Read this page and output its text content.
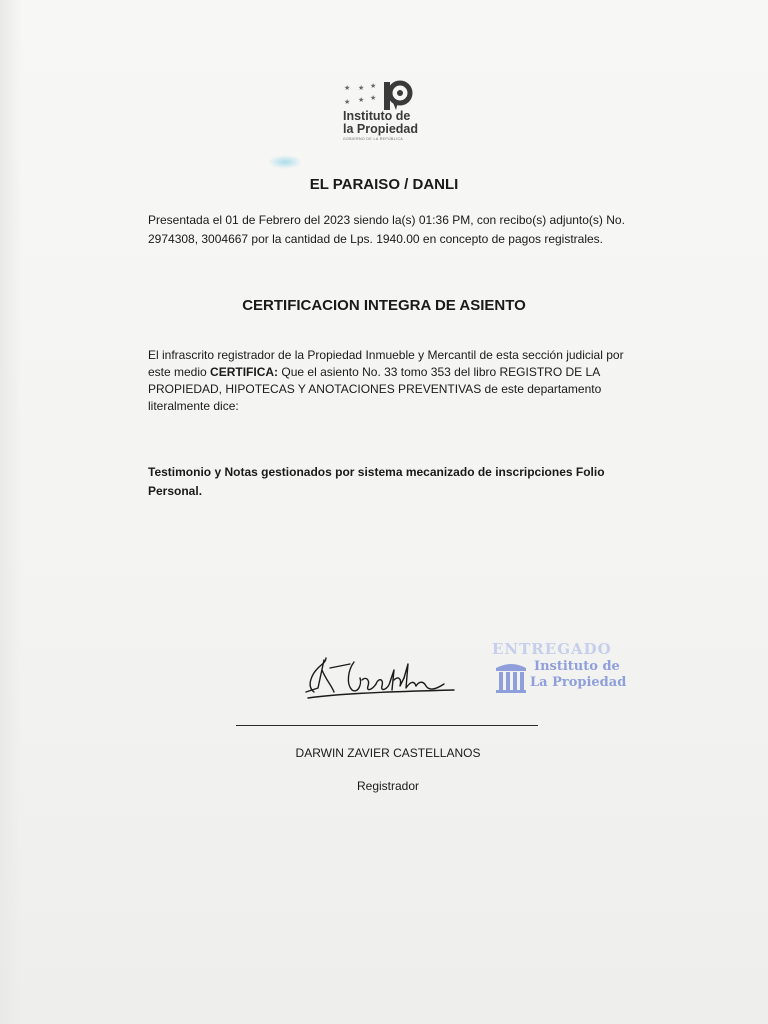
★ ★ ★
★ ★ ★
Instituto de
la Propiedad
GOBIERNO DE LA REPÚBLICA
EL PARAISO / DANLI
Presentada el 01 de Febrero del 2023 siendo la(s) 01:36 PM, con recibo(s) adjunto(s) No. 2974308, 3004667 por la cantidad de Lps. 1940.00 en concepto de pagos registrales.
CERTIFICACION INTEGRA DE ASIENTO
El infrascrito registrador de la Propiedad Inmueble y Mercantil de esta sección judicial por este medio CERTIFICA: Que el asiento No. 33 tomo 353 del libro REGISTRO DE LA PROPIEDAD, HIPOTECAS Y ANOTACIONES PREVENTIVAS de este departamento literalmente dice:
Testimonio y Notas gestionados por sistema mecanizado de inscripciones Folio Personal.
ENTREGADO
Instituto de
La Propiedad
DARWIN ZAVIER CASTELLANOS
Registrador
